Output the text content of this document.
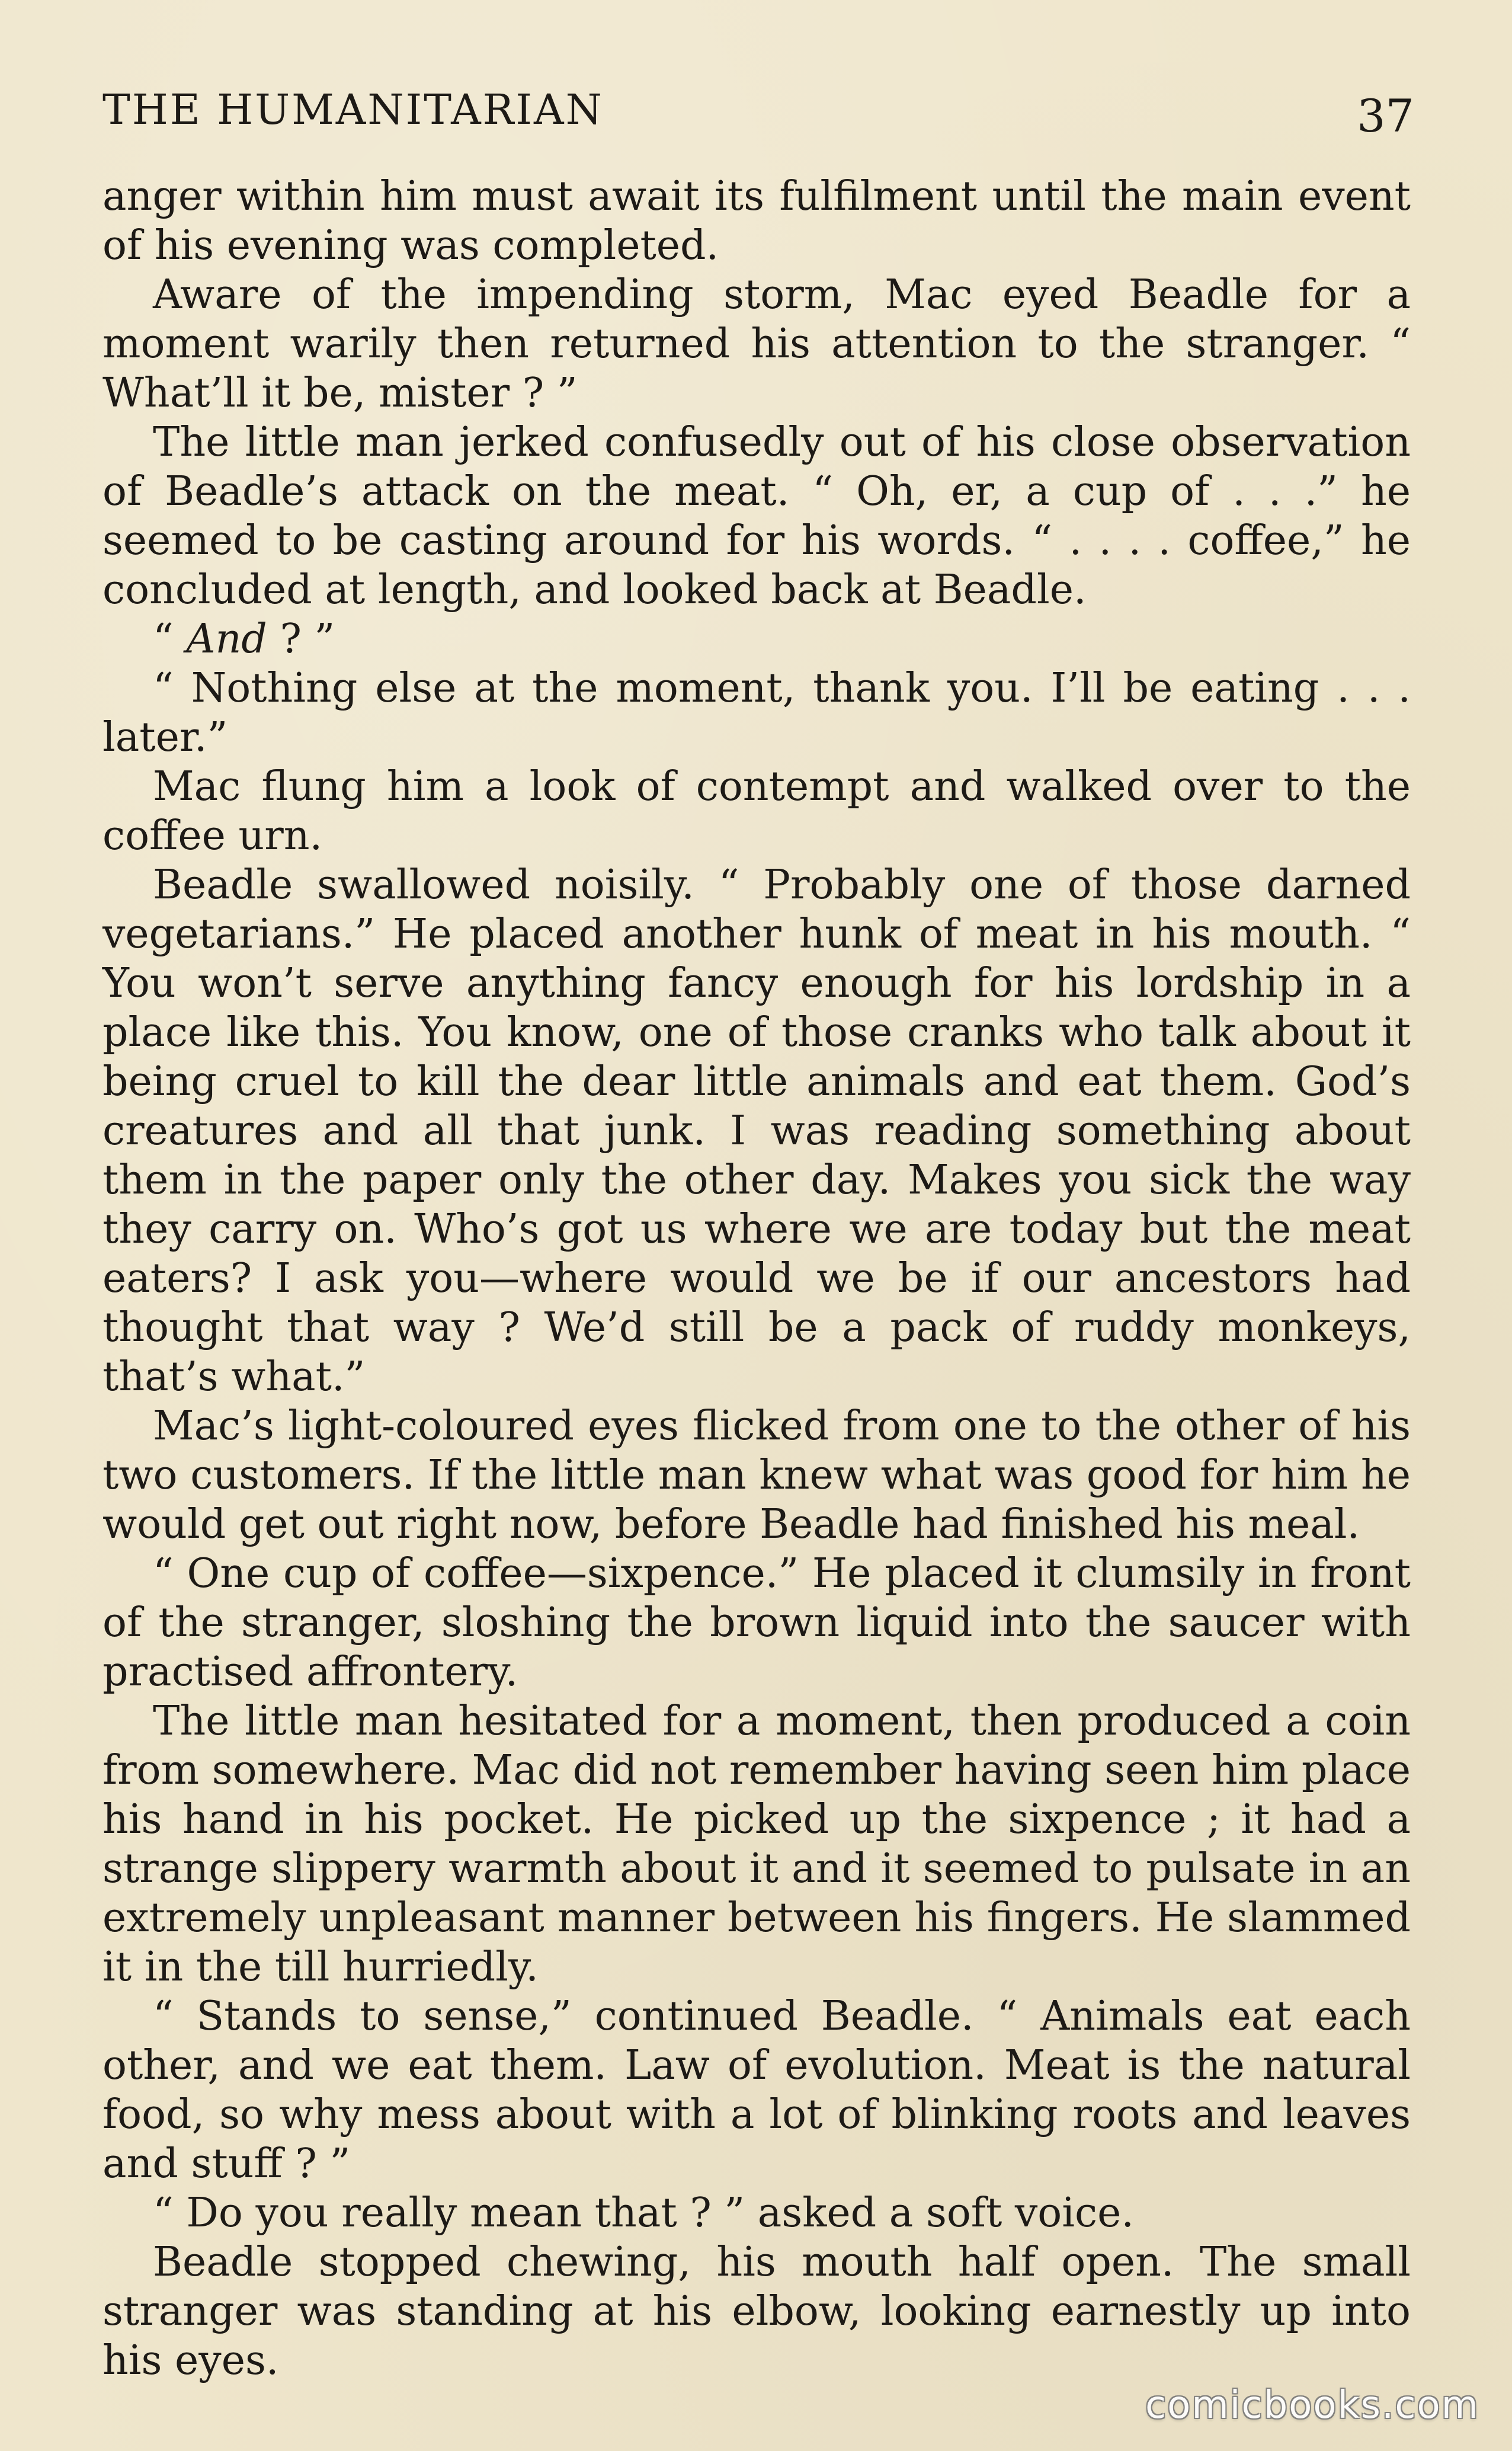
THE HUMANITARIAN	37

anger within him must await its fulfilment until the main event of his evening was completed.

Aware of the impending storm, Mac eyed Beadle for a moment warily then returned his attention to the stranger. “ What’ll it be, mister ? ”

The little man jerked confusedly out of his close observation of Beadle’s attack on the meat. “ Oh, er, a cup of . . .” he seemed to be casting around for his words. “ . . . . coffee,” he concluded at length, and looked back at Beadle.

“ And ? ”

“ Nothing else at the moment, thank you. I’ll be eating . . . later.”

Mac flung him a look of contempt and walked over to the coffee urn.

Beadle swallowed noisily. “ Probably one of those darned vegetarians.” He placed another hunk of meat in his mouth. “ You won’t serve anything fancy enough for his lordship in a place like this. You know, one of those cranks who talk about it being cruel to kill the dear little animals and eat them. God’s creatures and all that junk. I was reading something about them in the paper only the other day. Makes you sick the way they carry on. Who’s got us where we are today but the meat eaters? I ask you—where would we be if our ancestors had thought that way ? We’d still be a pack of ruddy monkeys, that’s what.”

Mac’s light-coloured eyes flicked from one to the other of his two customers. If the little man knew what was good for him he would get out right now, before Beadle had finished his meal.

“ One cup of coffee—sixpence.” He placed it clumsily in front of the stranger, sloshing the brown liquid into the saucer with practised affrontery.

The little man hesitated for a moment, then produced a coin from somewhere. Mac did not remember having seen him place his hand in his pocket. He picked up the sixpence ; it had a strange slippery warmth about it and it seemed to pulsate in an extremely unpleasant manner between his fingers. He slammed it in the till hurriedly.

“ Stands to sense,” continued Beadle. “ Animals eat each other, and we eat them. Law of evolution. Meat is the natural food, so why mess about with a lot of blinking roots and leaves and stuff ? ”

“ Do you really mean that ? ” asked a soft voice.

Beadle stopped chewing, his mouth half open. The small stranger was standing at his elbow, looking earnestly up into his eyes.

comicbooks.com
